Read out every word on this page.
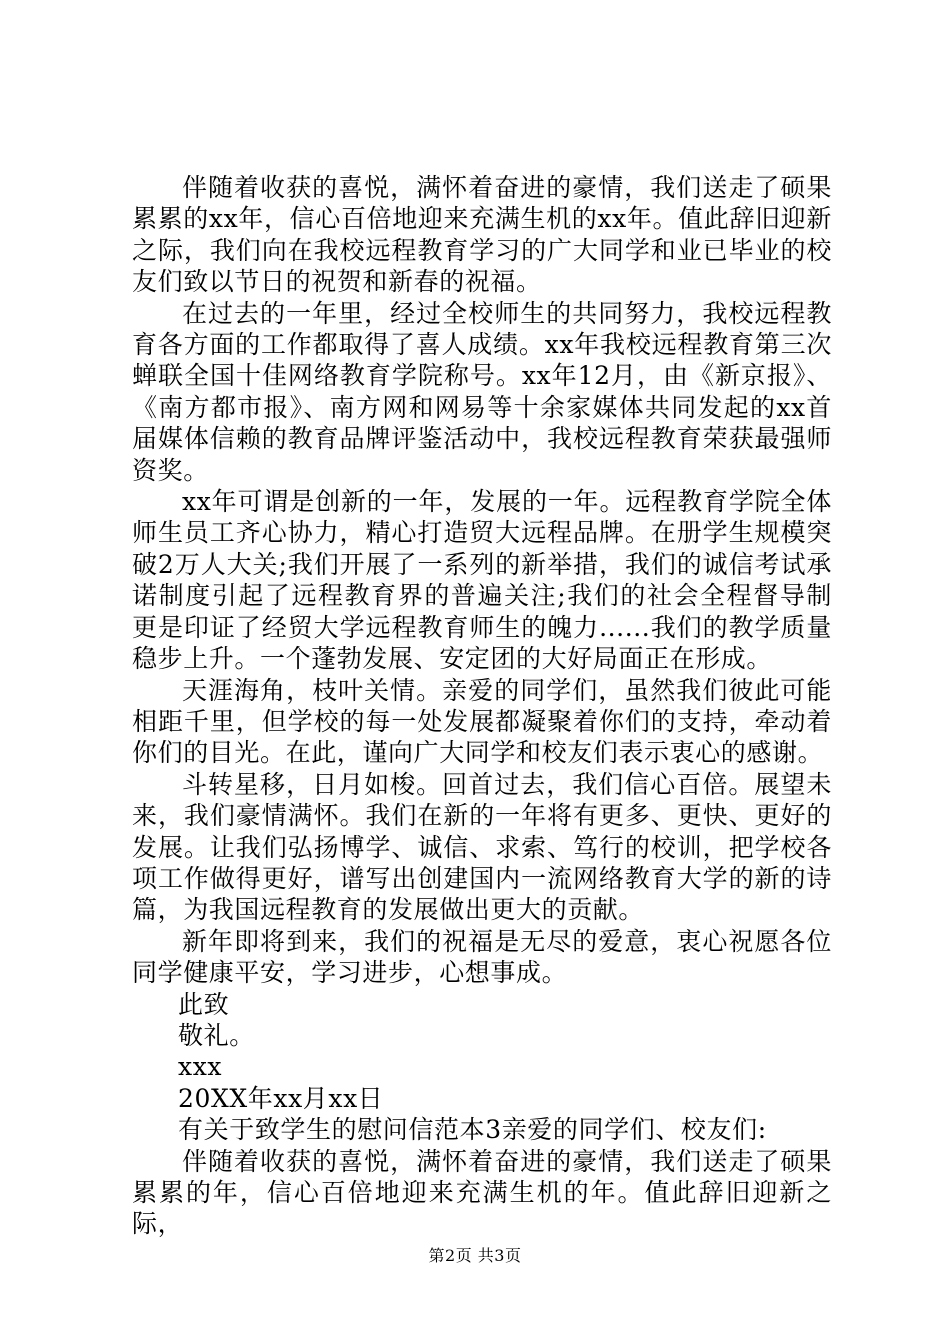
伴随着收获的喜悦，满怀着奋进的豪情，我们送走了硕果累累的xx年，信心百倍地迎来充满生机的xx年。值此辞旧迎新之际，我们向在我校远程教育学习的广大同学和业已毕业的校友们致以节日的祝贺和新春的祝福。

在过去的一年里，经过全校师生的共同努力，我校远程教育各方面的工作都取得了喜人成绩。xx年我校远程教育第三次蝉联全国十佳网络教育学院称号。xx年12月，由《新京报》、《南方都市报》、南方网和网易等十余家媒体共同发起的xx首届媒体信赖的教育品牌评鉴活动中，我校远程教育荣获最强师资奖。

xx年可谓是创新的一年，发展的一年。远程教育学院全体师生员工齐心协力，精心打造贸大远程品牌。在册学生规模突破2万人大关;我们开展了一系列的新举措，我们的诚信考试承诺制度引起了远程教育界的普遍关注;我们的社会全程督导制更是印证了经贸大学远程教育师生的魄力......我们的教学质量稳步上升。一个蓬勃发展、安定团的大好局面正在形成。

天涯海角，枝叶关情。亲爱的同学们，虽然我们彼此可能相距千里，但学校的每一处发展都凝聚着你们的支持，牵动着你们的目光。在此，谨向广大同学和校友们表示衷心的感谢。

斗转星移，日月如梭。回首过去，我们信心百倍。展望未来，我们豪情满怀。我们在新的一年将有更多、更快、更好的发展。让我们弘扬博学、诚信、求索、笃行的校训，把学校各项工作做得更好，谱写出创建国内一流网络教育大学的新的诗篇，为我国远程教育的发展做出更大的贡献。

新年即将到来，我们的祝福是无尽的爱意，衷心祝愿各位同学健康平安，学习进步，心想事成。

此致

敬礼。

xxx

20XX年xx月xx日

有关于致学生的慰问信范本3亲爱的同学们、校友们:

伴随着收获的喜悦，满怀着奋进的豪情，我们送走了硕果累累的年，信心百倍地迎来充满生机的年。值此辞旧迎新之际，

第2页 共3页
